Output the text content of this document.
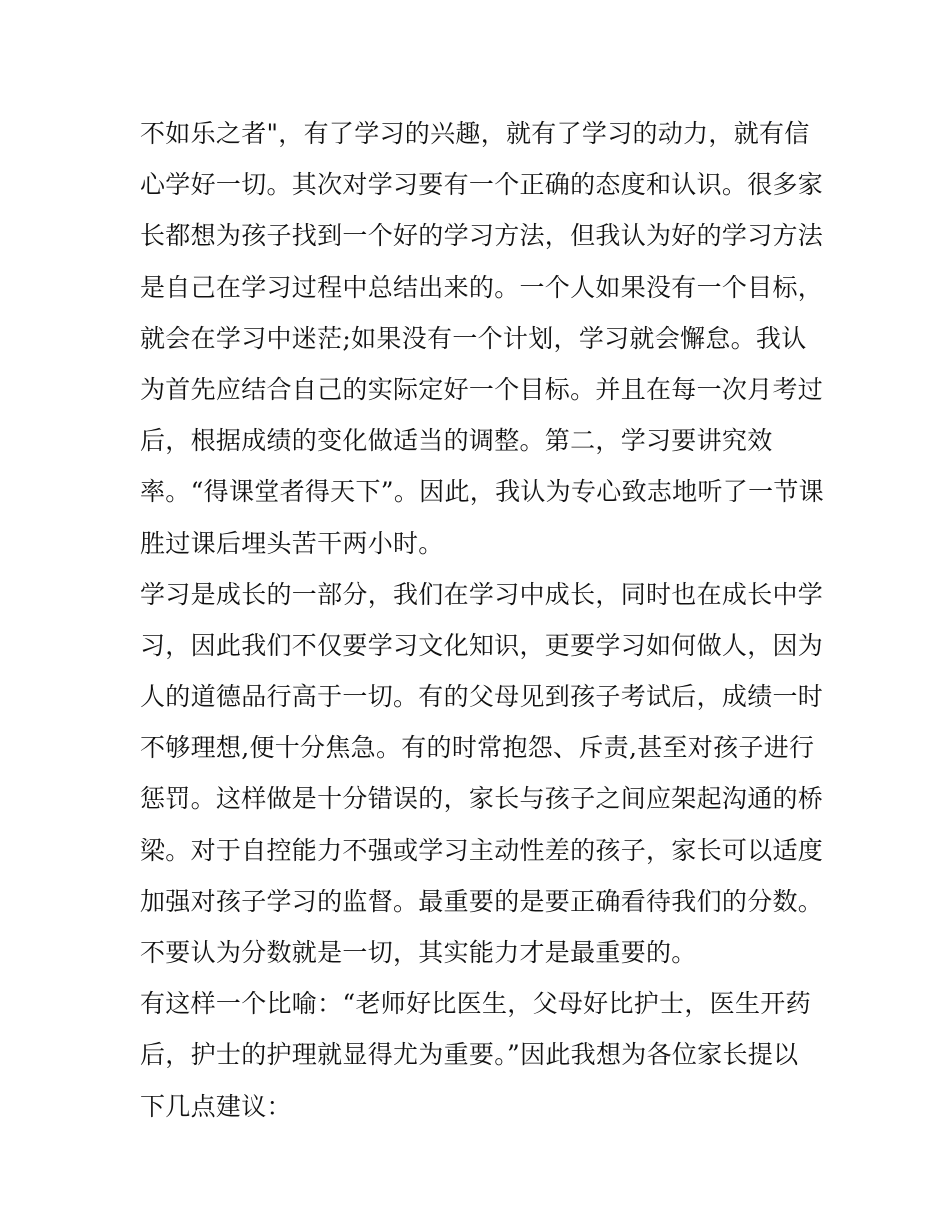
不如乐之者"，有了学习的兴趣，就有了学习的动力，就有信
心学好一切。其次对学习要有一个正确的态度和认识。很多家
长都想为孩子找到一个好的学习方法，但我认为好的学习方法
是自己在学习过程中总结出来的。一个人如果没有一个目标，
就会在学习中迷茫;如果没有一个计划，学习就会懈怠。我认
为首先应结合自己的实际定好一个目标。并且在每一次月考过
后，根据成绩的变化做适当的调整。第二，学习要讲究效
率。“得课堂者得天下”。因此，我认为专心致志地听了一节课
胜过课后埋头苦干两小时。
学习是成长的一部分，我们在学习中成长，同时也在成长中学
习，因此我们不仅要学习文化知识，更要学习如何做人，因为
人的道德品行高于一切。有的父母见到孩子考试后，成绩一时
不够理想,便十分焦急。有的时常抱怨、斥责,甚至对孩子进行
惩罚。这样做是十分错误的，家长与孩子之间应架起沟通的桥
梁。对于自控能力不强或学习主动性差的孩子，家长可以适度
加强对孩子学习的监督。最重要的是要正确看待我们的分数。
不要认为分数就是一切，其实能力才是最重要的。
有这样一个比喻：“老师好比医生，父母好比护士，医生开药
后，护士的护理就显得尤为重要。”因此我想为各位家长提以
下几点建议：
